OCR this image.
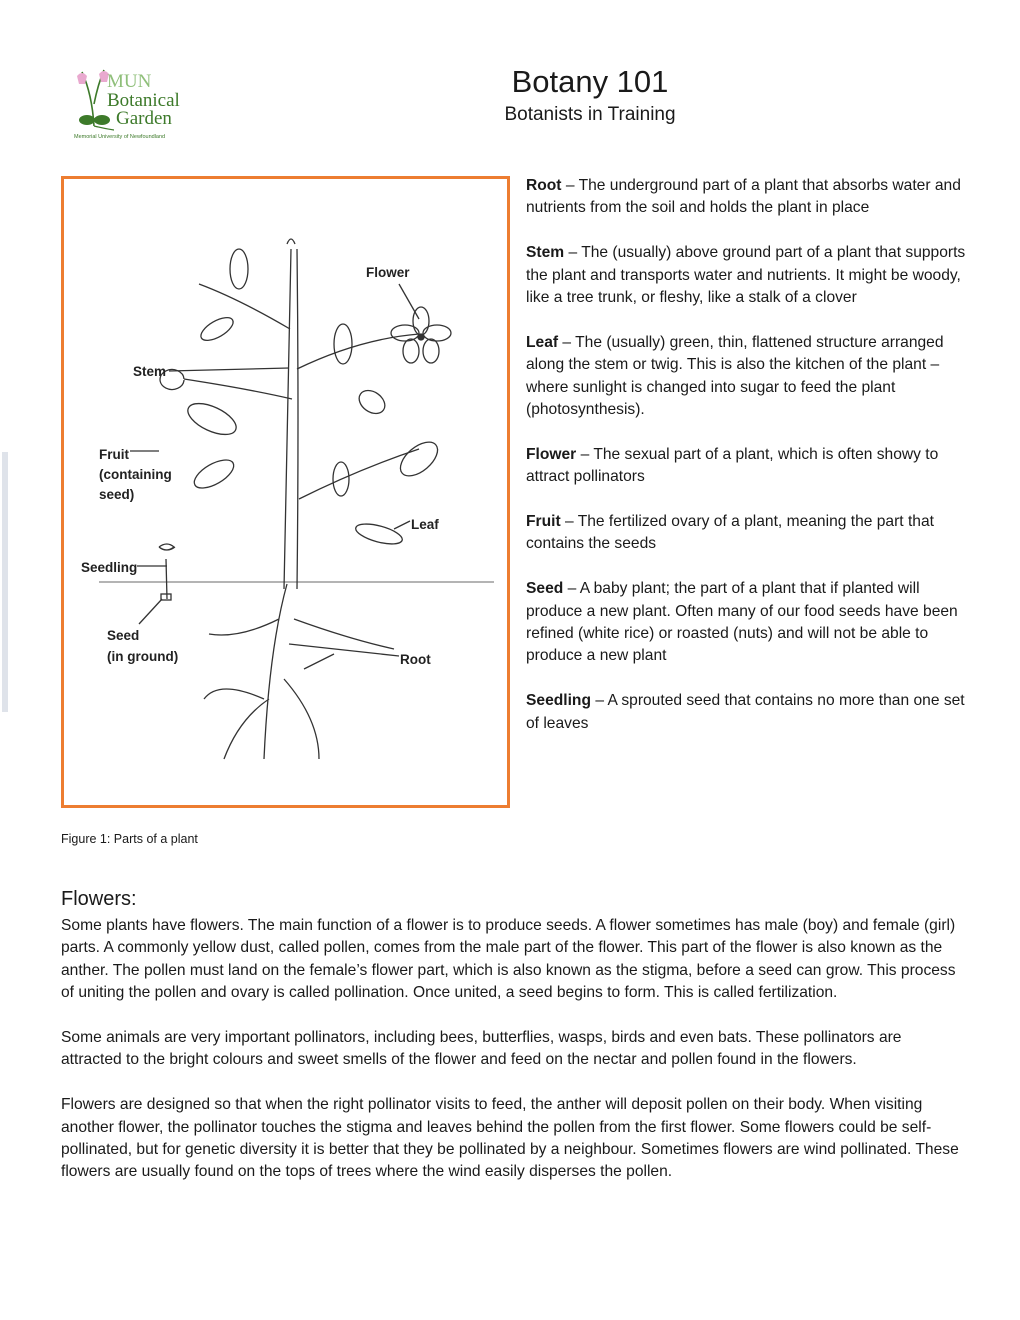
MUN
Botanical
Garden
Memorial University of Newfoundland
Botany 101
Botanists in Training
Flower
Stem
Fruit
(containing
seed)
Leaf
Seedling
Seed
(in ground)	Root
Figure 1: Parts of a plant

Root – The underground part of a plant that absorbs water and nutrients from the soil and holds the plant in place

Stem – The (usually) above ground part of a plant that supports the plant and transports water and nutrients. It might be woody, like a tree trunk, or fleshy, like a stalk of a clover

Leaf – The (usually) green, thin, flattened structure arranged along the stem or twig. This is also the kitchen of the plant – where sunlight is changed into sugar to feed the plant (photosynthesis).

Flower – The sexual part of a plant, which is often showy to attract pollinators

Fruit – The fertilized ovary of a plant, meaning the part that contains the seeds

Seed – A baby plant; the part of a plant that if planted will produce a new plant. Often many of our food seeds have been refined (white rice) or roasted (nuts) and will not be able to produce a new plant

Seedling – A sprouted seed that contains no more than one set of leaves

Flowers:

Some plants have flowers. The main function of a flower is to produce seeds. A flower sometimes has male (boy) and female (girl) parts. A commonly yellow dust, called pollen, comes from the male part of the flower. This part of the flower is also known as the anther. The pollen must land on the female’s flower part, which is also known as the stigma, before a seed can grow. This process of uniting the pollen and ovary is called pollination. Once united, a seed begins to form. This is called fertilization.

Some animals are very important pollinators, including bees, butterflies, wasps, birds and even bats. These pollinators are attracted to the bright colours and sweet smells of the flower and feed on the nectar and pollen found in the flowers.

Flowers are designed so that when the right pollinator visits to feed, the anther will deposit pollen on their body. When visiting another flower, the pollinator touches the stigma and leaves behind the pollen from the first flower. Some flowers could be self-pollinated, but for genetic diversity it is better that they be pollinated by a neighbour. Sometimes flowers are wind pollinated. These flowers are usually found on the tops of trees where the wind easily disperses the pollen.
